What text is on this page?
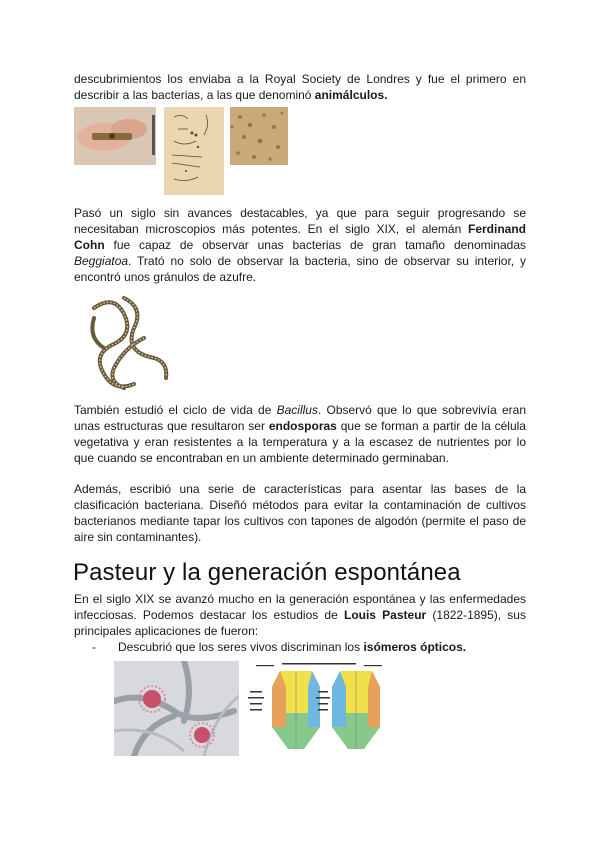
descubrimientos los enviaba a la Royal Society de Londres y fue el primero en describir a las bacterias, a las que denominó animálculos.

Pasó un siglo sin avances destacables, ya que para seguir progresando se necesitaban microscopios más potentes. En el siglo XIX, el alemán Ferdinand Cohn fue capaz de observar unas bacterias de gran tamaño denominadas Beggiatoa. Trató no solo de observar la bacteria, sino de observar su interior, y encontró unos gránulos de azufre.

También estudió el ciclo de vida de Bacillus. Observó que lo que sobrevivía eran unas estructuras que resultaron ser endosporas que se forman a partir de la célula vegetativa y eran resistentes a la temperatura y a la escasez de nutrientes por lo que cuando se encontraban en un ambiente determinado germinaban.

Además, escribió una serie de características para asentar las bases de la clasificación bacteriana. Diseñó métodos para evitar la contaminación de cultivos bacterianos mediante tapar los cultivos con tapones de algodón (permite el paso de aire sin contaminantes).

Pasteur y la generación espontánea

En el siglo XIX se avanzó mucho en la generación espontánea y las enfermedades infecciosas. Podemos destacar los estudios de Louis Pasteur (1822-1895), sus principales aplicaciones de fueron:

- Descubrió que los seres vivos discriminan los isómeros ópticos.
